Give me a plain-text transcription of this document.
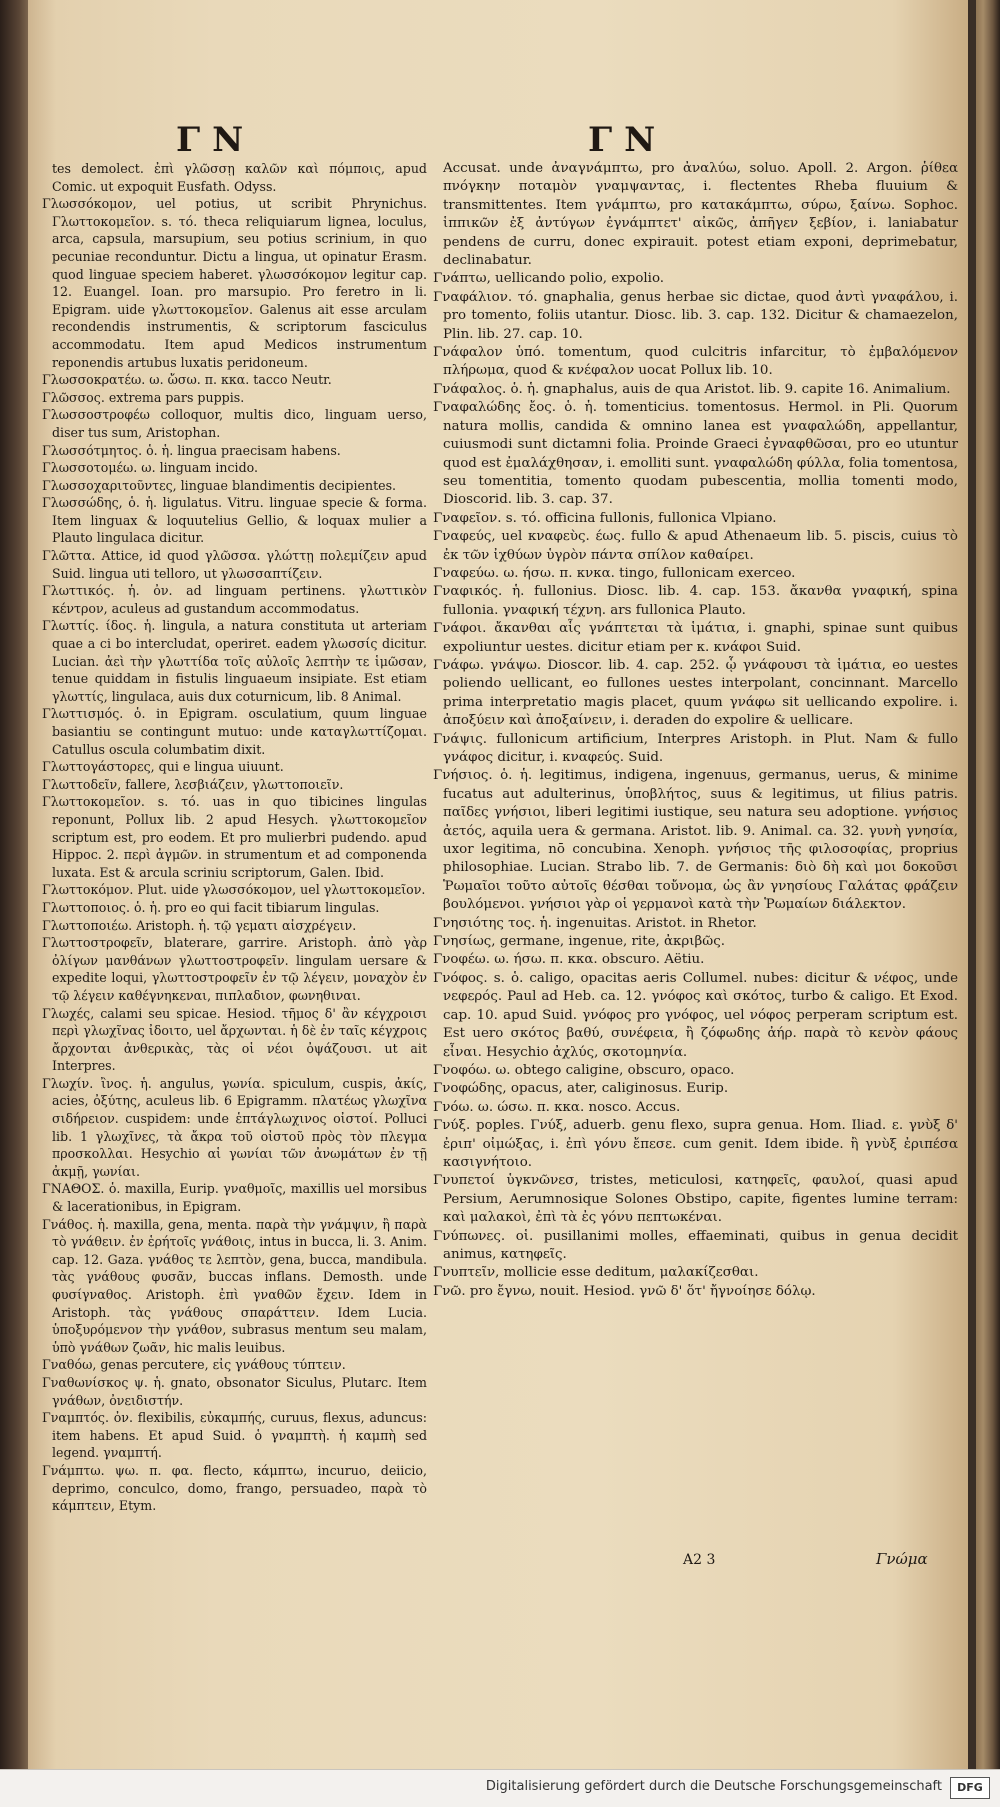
ΓΝ	ΓΝ

tes demolect. ἐπὶ γλῶσσῃ καλῶν καὶ πόμποις, apud Comic. ut expoquit Eusfath. Odyss.

Γλωσσόκομον, uel potius, ut scribit Phrynichus. Γλωττοκομεῖον. s. τό. theca reliquiarum lignea, loculus, arca, capsula, marsupium, seu potius scrinium, in quo pecuniae reconduntur. Dictu a lingua, ut opinatur Erasm. quod linguae speciem haberet. γλωσσόκομον legitur cap. 12. Euangel. Ioan. pro marsupio. Pro feretro in li. Epigram. uide γλωττοκομεῖον. Galenus ait esse arculam recondendis instrumentis, & scriptorum fasciculus accommodatu. Item apud Medicos instrumentum reponendis artubus luxatis peridoneum.

Γλωσσοκρατέω. ω. ὤσω. π. κκα. tacco Neutr.

Γλῶσσος. extrema pars puppis.

Γλωσσοστροφέω colloquor, multis dico, linguam uerso, diser tus sum, Aristophan.

Γλωσσότμητος. ὁ. ἡ. lingua praecisam habens.

Γλωσσοτομέω. ω. linguam incido.

Γλωσσοχαριτοῦντες, linguae blandimentis decipientes.

Γλωσσώδης, ὁ. ἡ. ligulatus. Vitru. linguae specie & forma. Item linguax & loquutelius Gellio, & loquax mulier a Plauto lingulaca dicitur.

Γλῶττα. Attice, id quod γλῶσσα. γλώττῃ πολεμίζειν apud Suid. lingua uti telloro, ut γλωσσαπτίζειν.

Γλωττικός. ἡ. ὀν. ad linguam pertinens. γλωττικὸν κέντρον, aculeus ad gustandum accommodatus.

Γλωττίς. ίδος. ἡ. lingula, a natura constituta ut arteriam quae a ci bo intercludat, operiret. eadem γλωσσίς dicitur. Lucian. ἀεὶ τὴν γλωττίδα τοῖς αὐλοῖς λεπτὴν τε ἱμῶσαν, tenue quiddam in fistulis linguaeum insipiate. Est etiam γλωττίς, lingulaca, auis dux coturnicum, lib. 8 Animal.

Γλωττισμός. ὁ. in Epigram. osculatium, quum linguae basiantiu se contingunt mutuo: unde καταγλωττίζομαι. Catullus oscula columbatim dixit.

Γλωττογάστορες, qui e lingua uiuunt.

Γλωττοδεῖν, fallere, λεσβιάζειν, γλωττοποιεῖν.

Γλωττοκομεῖον. s. τό. uas in quo tibicines lingulas reponunt, Pollux lib. 2 apud Hesych. γλωττοκομεῖον scriptum est, pro eodem. Et pro mulierbri pudendo. apud Hippoc. 2. περὶ ἀγμῶν. in strumentum et ad componenda luxata. Est & arcula scriniu scriptorum, Galen. Ibid.

Γλωττοκόμον. Plut. uide γλωσσόκομον, uel γλωττοκομεῖον.

Γλωττοποιος. ὁ. ἡ. pro eo qui facit tibiarum lingulas.

Γλωττοποιέω. Aristoph. ἡ. τῷ γεματι αἰσχρέγειν.

Γλωττοστροφεῖν, blaterare, garrire. Aristoph. ἀπὸ γὰρ ὀλίγων μανθάνων γλωττοστροφεῖν. lingulam uersare & expedite loqui, γλωττοστροφεῖν ἐν τῷ λέγειν, μοναχὸν ἐν τῷ λέγειν καθέγνηκεναι, πιπλαδιον, φωνηθιναι.

Γλωχές, calami seu spicae. Hesiod. τῆμος δ' ἂν κέγχροισι περὶ γλωχῖνας ἰδοιτο, uel ἄρχωνται. ἡ δὲ ἐν ταῖς κέγχροις ἄρχονται ἀνθερικὰς, τὰς οἱ νέοι ὀψάζουσι. ut ait Interpres.

Γλωχίν. ἲνος. ἡ. angulus, γωνία. spiculum, cuspis, ἀκίς, acies, ὀξύτης, aculeus lib. 6 Epigramm. πλατέως γλωχῖνα σιδήρειον. cuspidem: unde ἑπτάγλωχινος οἰστοί. Polluci lib. 1 γλωχῖνες, τὰ ἄκρα τοῦ οἰστοῦ πρὸς τὸν πλεγμα προσκολλαι. Hesychio αἱ γωνίαι τῶν ἀνωμάτων ἐν τῇ ἀκμῇ, γωνίαι.

ΓΝΑΘΟΣ. ὁ. maxilla, Eurip. γναθμοῖς, maxillis uel morsibus & lacerationibus, in Epigram.

Γνάθος. ἡ. maxilla, gena, menta. παρὰ τὴν γνάμψιν, ἢ παρὰ τὸ γνάθειν. ἐν ἑρήτοῖς γνάθοις, intus in bucca, li. 3. Anim. cap. 12. Gaza. γνάθος τε λεπτὸν, gena, bucca, mandibula. τὰς γνάθους φυσᾶν, buccas inflans. Demosth. unde φυσίγναθος. Aristoph. ἐπὶ γναθῶν ἔχειν. Idem in Aristoph. τὰς γνάθους σπαράττειν. Idem Lucia. ὑποξυρόμενον τὴν γνάθον, subrasus mentum seu malam, ὑπὸ γνάθων ζωᾶν, hic malis leuibus.

Γναθόω, genas percutere, εἰς γνάθους τύπτειν.

Γναθωνίσκος ψ. ἡ. gnato, obsonator Siculus, Plutarc. Item γνάθων, ὀνειδιστήν.

Γναμπτός. ὀν. flexibilis, εὐκαμπής, curuus, flexus, aduncus: item habens. Et apud Suid. ὁ γναμπτὴ. ἡ καμπὴ sed legend. γναμπτή.

Γνάμπτω. ψω. π. φα. flecto, κάμπτω, incuruo, deiicio, deprimo, conculco, domo, frango, persuadeo, παρὰ τὸ κάμπτειν, Etym.

Accusat. unde ἀναγνάμπτω, pro ἀναλύω, soluo. Apoll. 2. Argon. ῥίθεα πνόγκην ποταμὸν γναμψαντας, i. flectentes Rheba fluuium & transmittentes. Item γνάμπτω, pro κατακάμπτω, σύρω, ξαίνω. Sophoc. ἱππικῶν ἐξ ἀντύγων ἐγνάμπτετ' αἰκῶς, ἀπῆγεν ξεβίον, i. laniabatur pendens de curru, donec expirauit. potest etiam exponi, deprimebatur, declinabatur.

Γνάπτω, uellicando polio, expolio.

Γναφάλιον. τό. gnaphalia, genus herbae sic dictae, quod ἀντὶ γναφάλου, i. pro tomento, foliis utantur. Diosc. lib. 3. cap. 132. Dicitur & chamaezelon, Plin. lib. 27. cap. 10.

Γνάφαλον ὑπό. tomentum, quod culcitris infarcitur, τὸ ἐμβαλόμενον πλήρωμα, quod & κνέφαλον uocat Pollux lib. 10.

Γνάφαλος. ὁ. ἡ. gnaphalus, auis de qua Aristot. lib. 9. capite 16. Animalium.

Γναφαλώδης ἔος. ὁ. ἡ. tomenticius. tomentosus. Hermol. in Pli. Quorum natura mollis, candida & omnino lanea est γναφαλώδη, appellantur, cuiusmodi sunt dictamni folia. Proinde Graeci ἐγναφθῶσαι, pro eo utuntur quod est ἐμαλάχθησαν, i. emolliti sunt. γναφαλώδη φύλλα, folia tomentosa, seu tomentitia, tomentο quodam pubescentia, mollia tomenti modo, Dioscorid. lib. 3. cap. 37.

Γναφεῖον. s. τό. officina fullonis, fullonica Vlpiano.

Γναφεύς, uel κναφεὺς. έως. fullo & apud Athenaeum lib. 5. piscis, cuius τὸ ἐκ τῶν ἰχθύων ὑγρὸν πάντα σπίλον καθαίρει.

Γναφεύω. ω. ήσω. π. κνκα. tingo, fullonicam exerceo.

Γναφικός. ἡ. fullonius. Diosc. lib. 4. cap. 153. ἄκανθα γναφική, spina fullonia. γναφική τέχνη. ars fullonica Plauto.

Γνάφοι. ἄκανθαι αἷς γνάπτεται τὰ ἱμάτια, i. gnaphi, spinae sunt quibus expoliuntur uestes. dicitur etiam per κ. κνάφοι Suid.

Γνάφω. γνάψω. Dioscor. lib. 4. cap. 252. ᾧ γνάφουσι τὰ ἱμάτια, eo uestes poliendo uellicant, eo fullones uestes interpolant, concinnant. Marcello prima interpretatio magis placet, quum γνάφω sit uellicando expolire. i. ἀποξύειν καὶ ἀποξαίνειν, i. deraden do expolire & uellicare.

Γνάψις. fullonicum artificium, Interpres Aristoph. in Plut. Nam & fullo γνάφος dicitur, i. κναφεύς. Suid.

Γνήσιος. ὁ. ἡ. legitimus, indigena, ingenuus, germanus, uerus, & minime fucatus aut adulterinus, ὑποβλήτος, suus & legitimus, ut filius patris. παῖδες γνήσιοι, liberi legitimi iustique, seu natura seu adoptione. γνήσιος ἀετός, aquila uera & germana. Aristot. lib. 9. Animal. ca. 32. γυνὴ γνησία, uxor legitima, nō concubina. Xenoph. γνήσιος τῆς φιλοσοφίας, proprius philosophiae. Lucian. Strabo lib. 7. de Germanis: διὸ δὴ καὶ μοι δοκοῦσι Ῥωμαῖοι τοῦτο αὐτοῖς θέσθαι τοὔνομα, ὡς ἂν γνησίους Γαλάτας φράζειν βουλόμενοι. γνήσιοι γὰρ οἱ γερμανοὶ κατὰ τὴν Ῥωμαίων διάλεκτον.

Γνησιότης τος. ἡ. ingenuitas. Aristot. in Rhetor.

Γνησίως, germane, ingenue, rite, ἀκριβῶς.

Γνοφέω. ω. ήσω. π. κκα. obscuro. Aëtiu.

Γνόφος. s. ὁ. caligo, opacitas aeris Collumel. nubes: dicitur & νέφος, unde νεφερός. Paul ad Heb. ca. 12. γνόφος καὶ σκότος, turbo & caligo. Et Exod. cap. 10. apud Suid. γνόφος pro γνόφος, uel νόφος perperam scriptum est. Est uero σκότος βαθύ, συνέφεια, ἢ ζόφωδης ἀήρ. παρὰ τὸ κενὸν φάους εἶναι. Hesychio ἀχλύς, σκοτομηνία.

Γνοφόω. ω. obtego caligine, obscuro, opaco.

Γνοφώδης, opacus, ater, caliginosus. Eurip.

Γνόω. ω. ώσω. π. κκα. nosco. Accus.

Γνύξ. poples. Γνύξ, aduerb. genu flexo, supra genua. Hom. Iliad. ε. γνὺξ δ' ἐριπ' οἰμώξας, i. ἐπὶ γόνυ ἔπεσε. cum genit. Idem ibide. ἢ γνὺξ ἐριπέσα κασιγνήτοιο.

Γνυπετοί ὑγκνῶνεσ, tristes, meticulosi, κατηφεῖς, φαυλοί, quasi apud Persium, Aerumnosique Solones Obstipo, capite, figentes lumine terram: καὶ μαλακοὶ, ἐπὶ τὰ ἐς γόνυ πεπτωκέναι.

Γνύπωνες. οἱ. pusillanimi molles, effaeminati, quibus in genua decidit animus, κατηφεῖς.

Γνυπτεῖν, mollicie esse deditum, μαλακίζεσθαι.

Γνῶ. pro ἔγνω, nouit. Hesiod. γνῶ δ' ὅτ' ἤγνοίησε δόλῳ.

A2 3	Γνώμα
Digitalisierung gefördert durch die Deutsche Forschungsgemeinschaft	DFG
